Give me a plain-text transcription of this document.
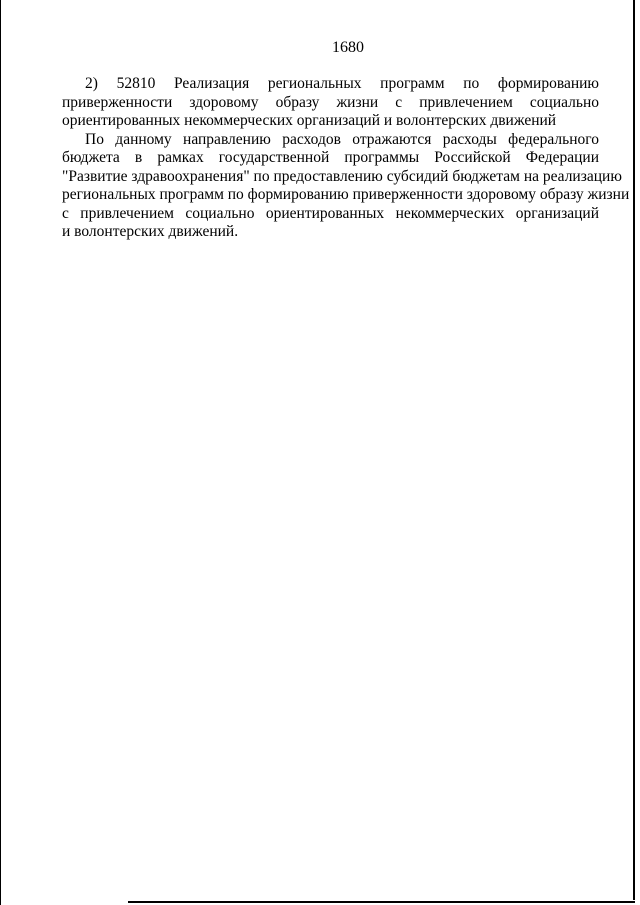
1680

2) 52810 Реализация региональных программ по формированию
приверженности здоровому образу жизни с привлечением социально
ориентированных некоммерческих организаций и волонтерских движений
По данному направлению расходов отражаются расходы федерального
бюджета в рамках государственной программы Российской Федерации
"Развитие здравоохранения" по предоставлению субсидий бюджетам на реализацию
региональных программ по формированию приверженности здоровому образу жизни
с привлечением социально ориентированных некоммерческих организаций
и волонтерских движений.
